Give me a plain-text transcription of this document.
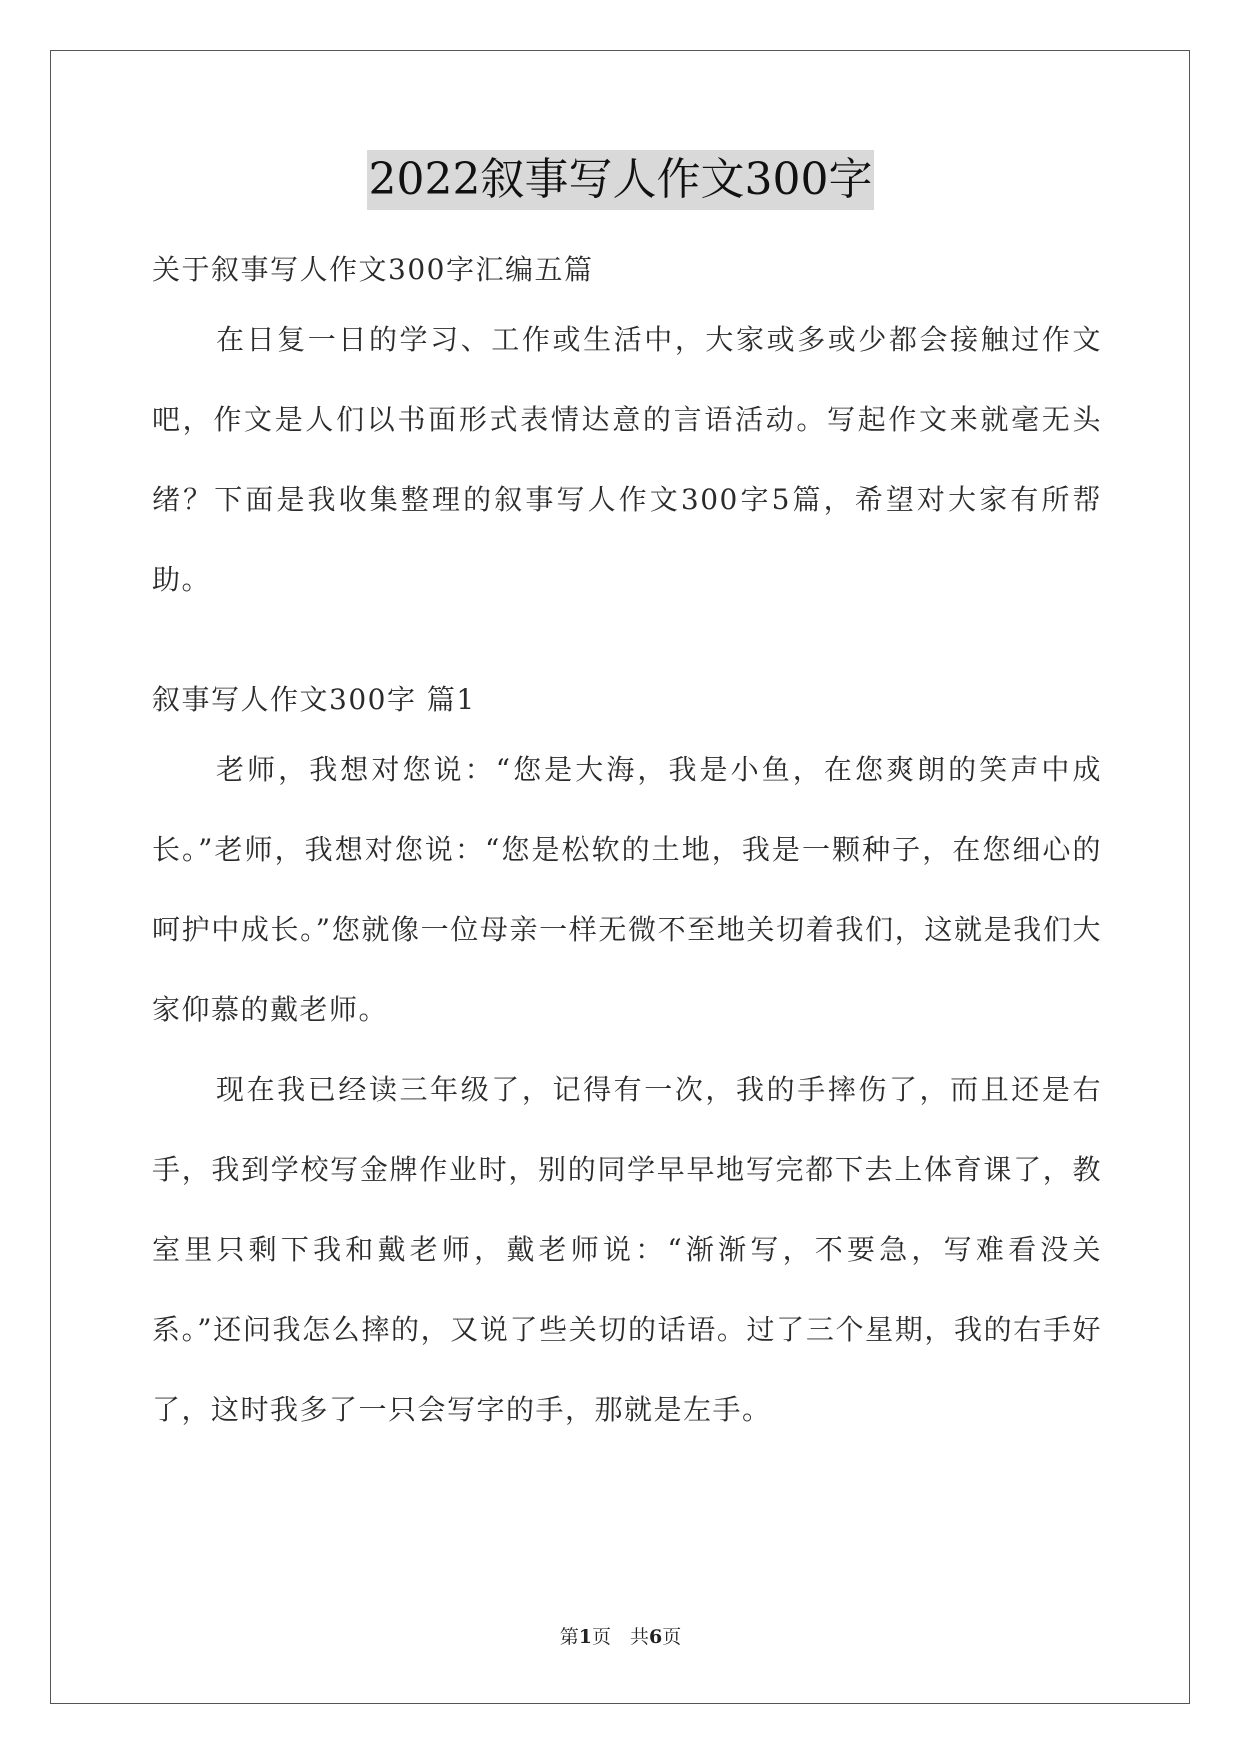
2022叙事写人作文300字

关于叙事写人作文300字汇编五篇

在日复一日的学习、工作或生活中，大家或多或少都会接触过作文吧，作文是人们以书面形式表情达意的言语活动。写起作文来就毫无头绪？下面是我收集整理的叙事写人作文300字5篇，希望对大家有所帮助。

叙事写人作文300字 篇1

老师，我想对您说：“您是大海，我是小鱼，在您爽朗的笑声中成长。”老师，我想对您说：“您是松软的土地，我是一颗种子，在您细心的呵护中成长。”您就像一位母亲一样无微不至地关切着我们，这就是我们大家仰慕的戴老师。

现在我已经读三年级了，记得有一次，我的手摔伤了，而且还是右手，我到学校写金牌作业时，别的同学早早地写完都下去上体育课了，教室里只剩下我和戴老师，戴老师说：“渐渐写，不要急，写难看没关系。”还问我怎么摔的，又说了些关切的话语。过了三个星期，我的右手好了，这时我多了一只会写字的手，那就是左手。

第1页　共6页
